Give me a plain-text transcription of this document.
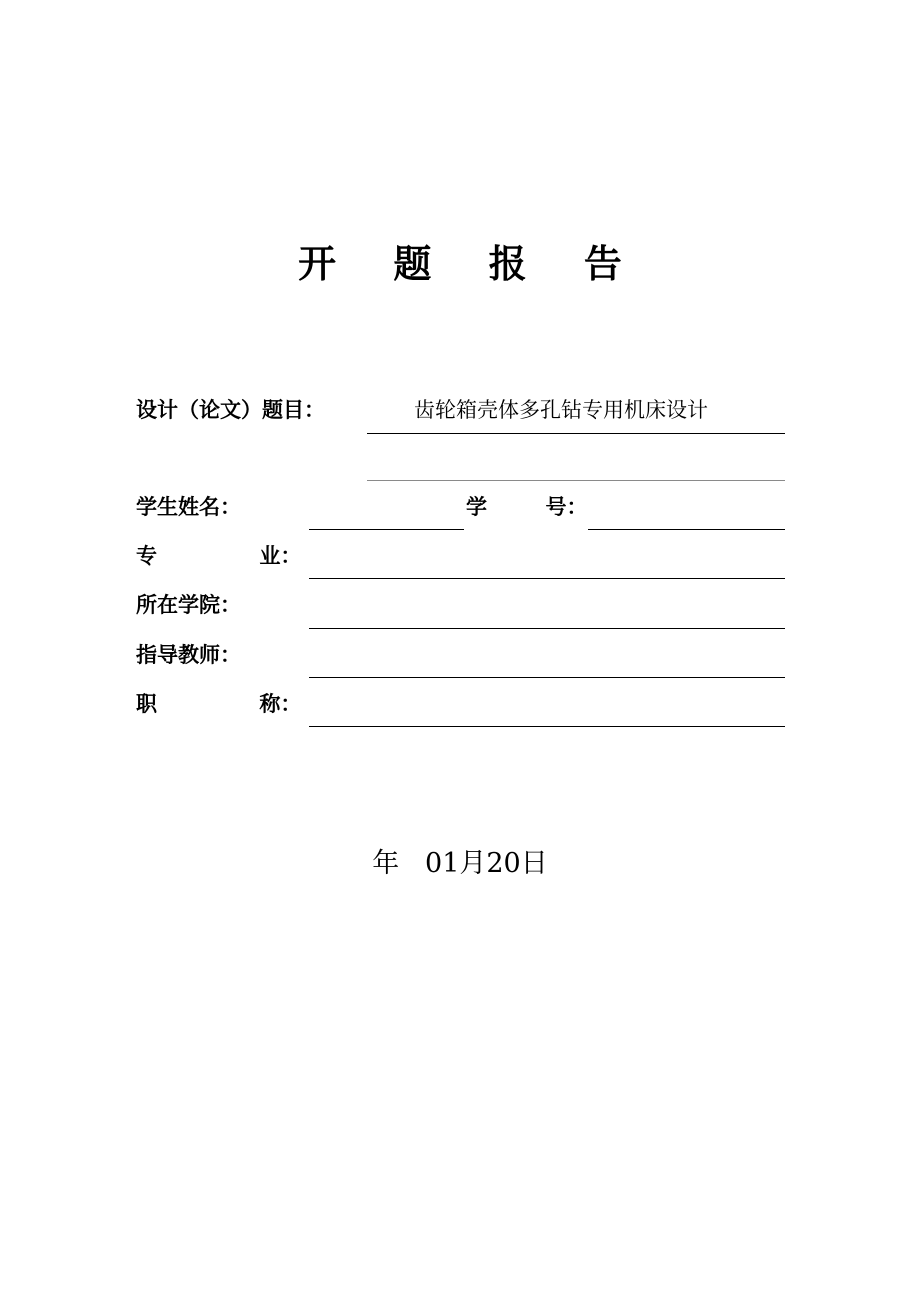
开 题 报 告
设计（论文）题目：	齿轮箱壳体多孔钻专用机床设计
学生姓名：

	学        号：

专              业：
所在学院：
指导教师：
职              称：
年 01月20日
